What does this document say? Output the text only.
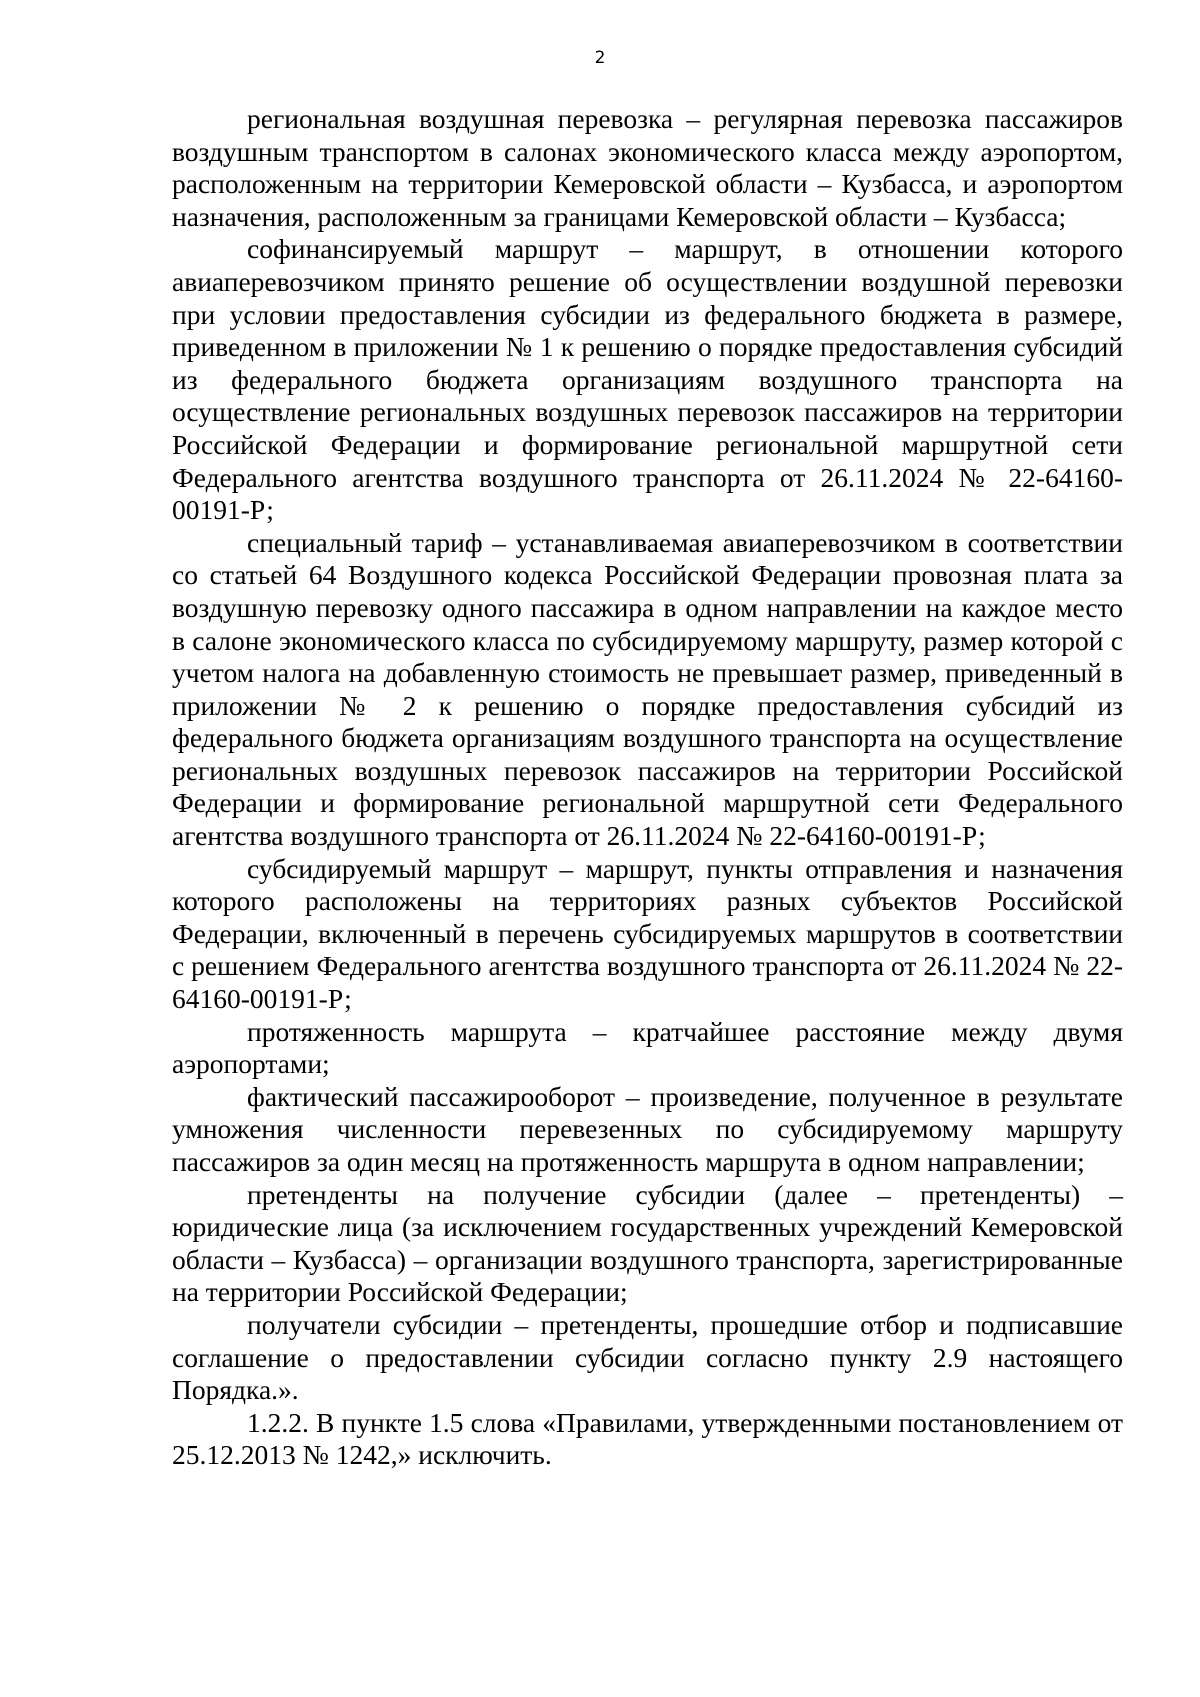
2

региональная воздушная перевозка – регулярная перевозка пассажиров воздушным транспортом в салонах экономического класса между аэропортом, расположенным на территории Кемеровской области – Кузбасса, и аэропортом назначения, расположенным за границами Кемеровской области – Кузбасса;

софинансируемый маршрут – маршрут, в отношении которого авиаперевозчиком принято решение об осуществлении воздушной перевозки при условии предоставления субсидии из федерального бюджета в размере, приведенном в приложении № 1 к решению о порядке предоставления субсидий из федерального бюджета организациям воздушного транспорта на осуществление региональных воздушных перевозок пассажиров на территории Российской Федерации и формирование региональной маршрутной сети Федерального агентства воздушного транспорта от 26.11.2024 № 22-64160-00191-Р;

специальный тариф – устанавливаемая авиаперевозчиком в соответствии со статьей 64 Воздушного кодекса Российской Федерации провозная плата за воздушную перевозку одного пассажира в одном направлении на каждое место в салоне экономического класса по субсидируемому маршруту, размер которой с учетом налога на добавленную стоимость не превышает размер, приведенный в приложении № 2 к решению о порядке предоставления субсидий из федерального бюджета организациям воздушного транспорта на осуществление региональных воздушных перевозок пассажиров на территории Российской Федерации и формирование региональной маршрутной сети Федерального агентства воздушного транспорта от 26.11.2024 № 22-64160-00191-Р;

субсидируемый маршрут – маршрут, пункты отправления и назначения которого расположены на территориях разных субъектов Российской Федерации, включенный в перечень субсидируемых маршрутов в соответствии с решением Федерального агентства воздушного транспорта от 26.11.2024 № 22-64160-00191-Р;

протяженность маршрута – кратчайшее расстояние между двумя аэропортами;

фактический пассажирооборот – произведение, полученное в результате умножения численности перевезенных по субсидируемому маршруту пассажиров за один месяц на протяженность маршрута в одном направлении;

претенденты на получение субсидии (далее – претенденты) – юридические лица (за исключением государственных учреждений Кемеровской области – Кузбасса) – организации воздушного транспорта, зарегистрированные на территории Российской Федерации;

получатели субсидии – претенденты, прошедшие отбор и подписавшие соглашение о предоставлении субсидии согласно пункту 2.9 настоящего Порядка.».

1.2.2. В пункте 1.5 слова «Правилами, утвержденными постановлением от 25.12.2013 № 1242,» исключить.
